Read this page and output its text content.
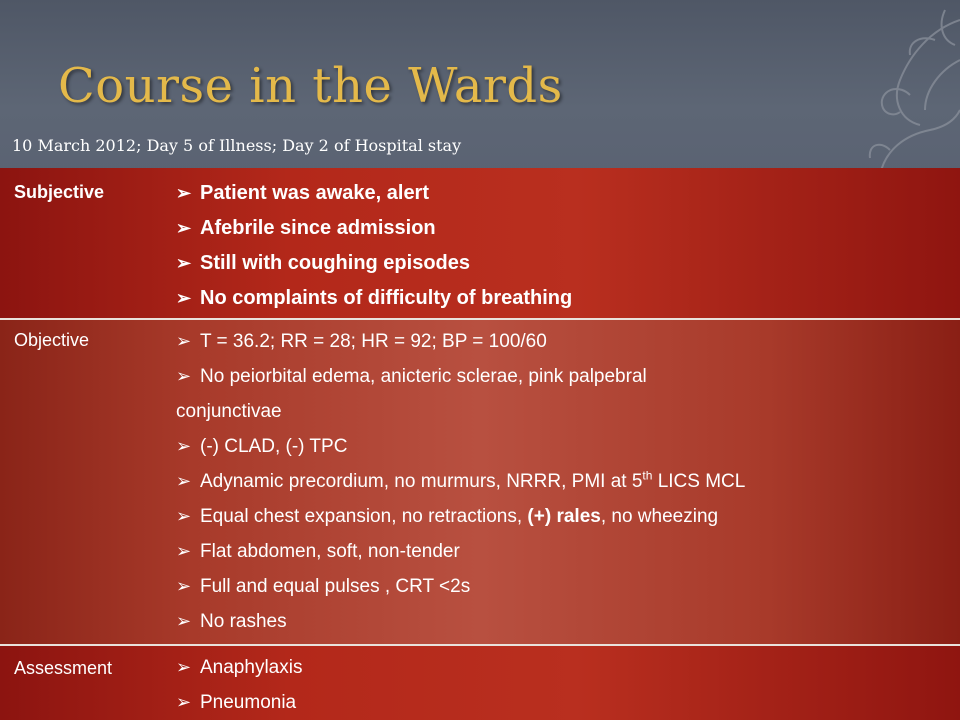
Course in the Wards
10 March 2012; Day 5 of Illness; Day 2 of Hospital stay
Subjective	➢ Patient was awake, alert
➢ Afebrile since admission
➢ Still with coughing episodes
➢ No complaints of difficulty of breathing
Objective	➢ T = 36.2; RR = 28; HR = 92; BP = 100/60
➢ No peiorbital edema, anicteric sclerae, pink palpebral
conjunctivae
➢ (-) CLAD, (-) TPC
➢ Adynamic precordium, no murmurs, NRRR, PMI at 5th LICS MCL
➢ Equal chest expansion, no retractions, (+) rales, no wheezing
➢ Flat abdomen, soft, non-tender
➢ Full and equal pulses , CRT <2s
➢ No rashes
Assessment	➢ Anaphylaxis
➢ Pneumonia
